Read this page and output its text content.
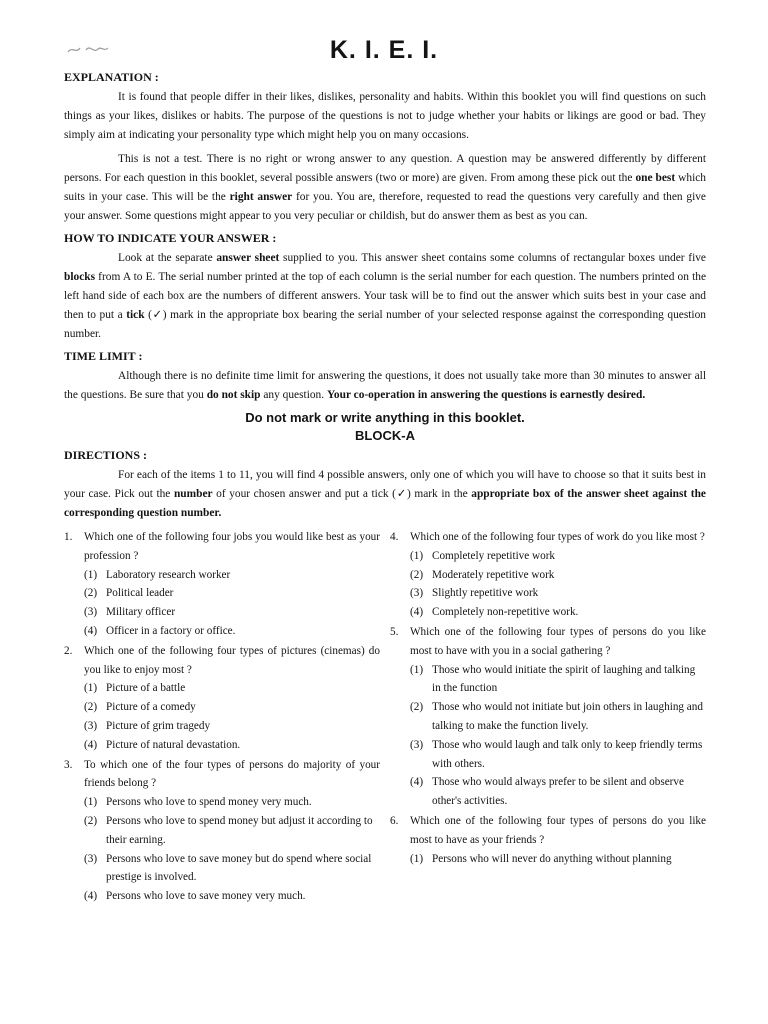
K. I. E. I.
EXPLANATION :

It is found that people differ in their likes, dislikes, personality and habits. Within this booklet you will find questions on such things as your likes, dislikes or habits. The purpose of the questions is not to judge whether your habits or likings are good or bad. They simply aim at indicating your personality type which might help you on many occasions.

This is not a test. There is no right or wrong answer to any question. A question may be answered differently by different persons. For each question in this booklet, several possible answers (two or more) are given. From among these pick out the one best which suits in your case. This will be the right answer for you. You are, therefore, requested to read the questions very carefully and then give your answer. Some questions might appear to you very peculiar or childish, but do answer them as best as you can.

HOW TO INDICATE YOUR ANSWER :

Look at the separate answer sheet supplied to you. This answer sheet contains some columns of rectangular boxes under five blocks from A to E. The serial number printed at the top of each column is the serial number for each question. The numbers printed on the left hand side of each box are the numbers of different answers. Your task will be to find out the answer which suits best in your case and then to put a tick (✓) mark in the appropriate box bearing the serial number of your selected response against the corresponding question number.

TIME LIMIT :

Although there is no definite time limit for answering the questions, it does not usually take more than 30 minutes to answer all the questions. Be sure that you do not skip any question. Your co-operation in answering the questions is earnestly desired.

Do not mark or write anything in this booklet.
BLOCK-A
DIRECTIONS :

For each of the items 1 to 11, you will find 4 possible answers, only one of which you will have to choose so that it suits best in your case. Pick out the number of your chosen answer and put a tick (✓) mark in the appropriate box of the answer sheet against the corresponding question number.

1.	Which one of the following four jobs you would like best as your profession ?
(1) Laboratory research worker
(2) Political leader
(3) Military officer
(4) Officer in a factory or office.
2.	Which one of the following four types of pictures (cinemas) do you like to enjoy most ?
(1) Picture of a battle
(2) Picture of a comedy
(3) Picture of grim tragedy
(4) Picture of natural devastation.
3.	To which one of the four types of persons do majority of your friends belong ?
(1) Persons who love to spend money very much.
(2) Persons who love to spend money but adjust it according to their earning.
(3) Persons who love to save money but do spend where social prestige is involved.
(4) Persons who love to save money very much.
4.	Which one of the following four types of work do you like most ?
(1) Completely repetitive work
(2) Moderately repetitive work
(3) Slightly repetitive work
(4) Completely non-repetitive work.
5.	Which one of the following four types of persons do you like most to have with you in a social gathering ?
(1) Those who would initiate the spirit of laughing and talking in the function
(2) Those who would not initiate but join others in laughing and talking to make the function lively.
(3) Those who would laugh and talk only to keep friendly terms with others.
(4) Those who would always prefer to be silent and observe other's activities.
6.	Which one of the following four types of persons do you like most to have as your friends ?
(1) Persons who will never do anything without planning
